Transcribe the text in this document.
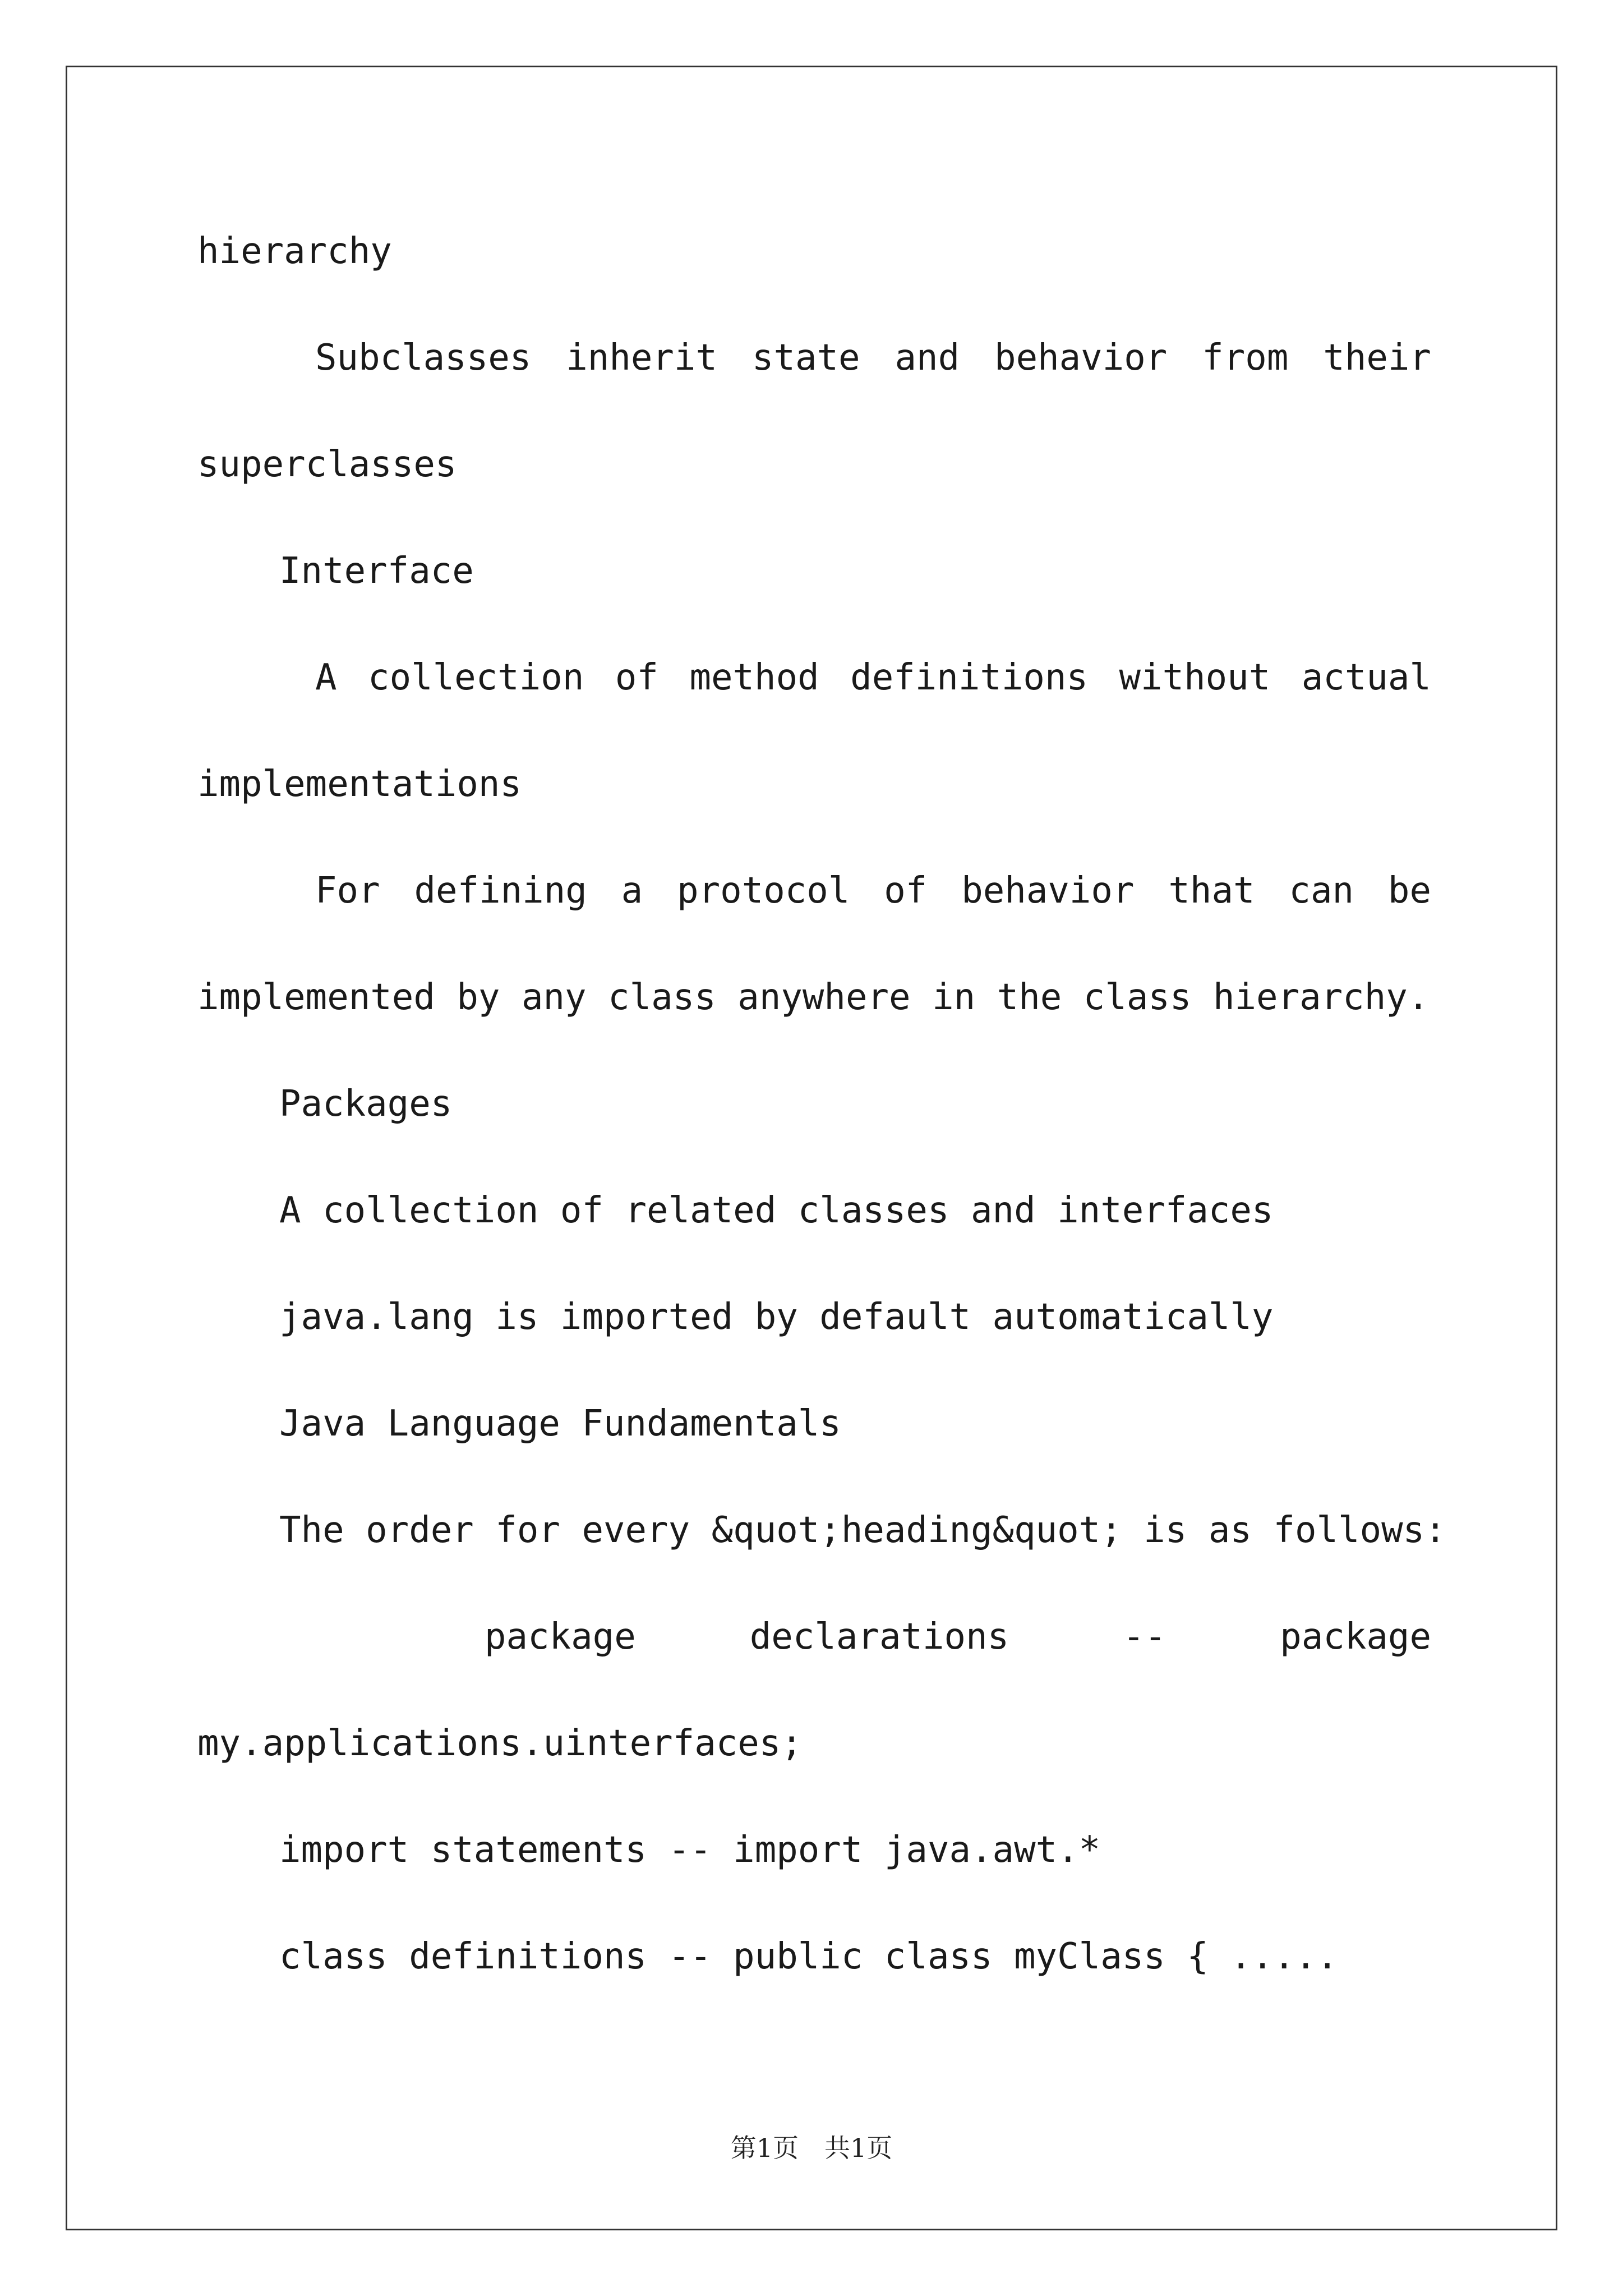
hierarchy
Subclasses inherit state and behavior from their
superclasses
Interface
A collection of method definitions without actual
implementations
For defining a protocol of behavior that can be
implemented by any class anywhere in the class hierarchy.
Packages
A collection of related classes and interfaces
java.lang is imported by default automatically
Java Language Fundamentals
The order for every &quot;heading&quot; is as follows:
package	declarations	--	package
my.applications.uinterfaces;
import statements -- import java.awt.*
class definitions -- public class myClass { .....
第1页　共1页
